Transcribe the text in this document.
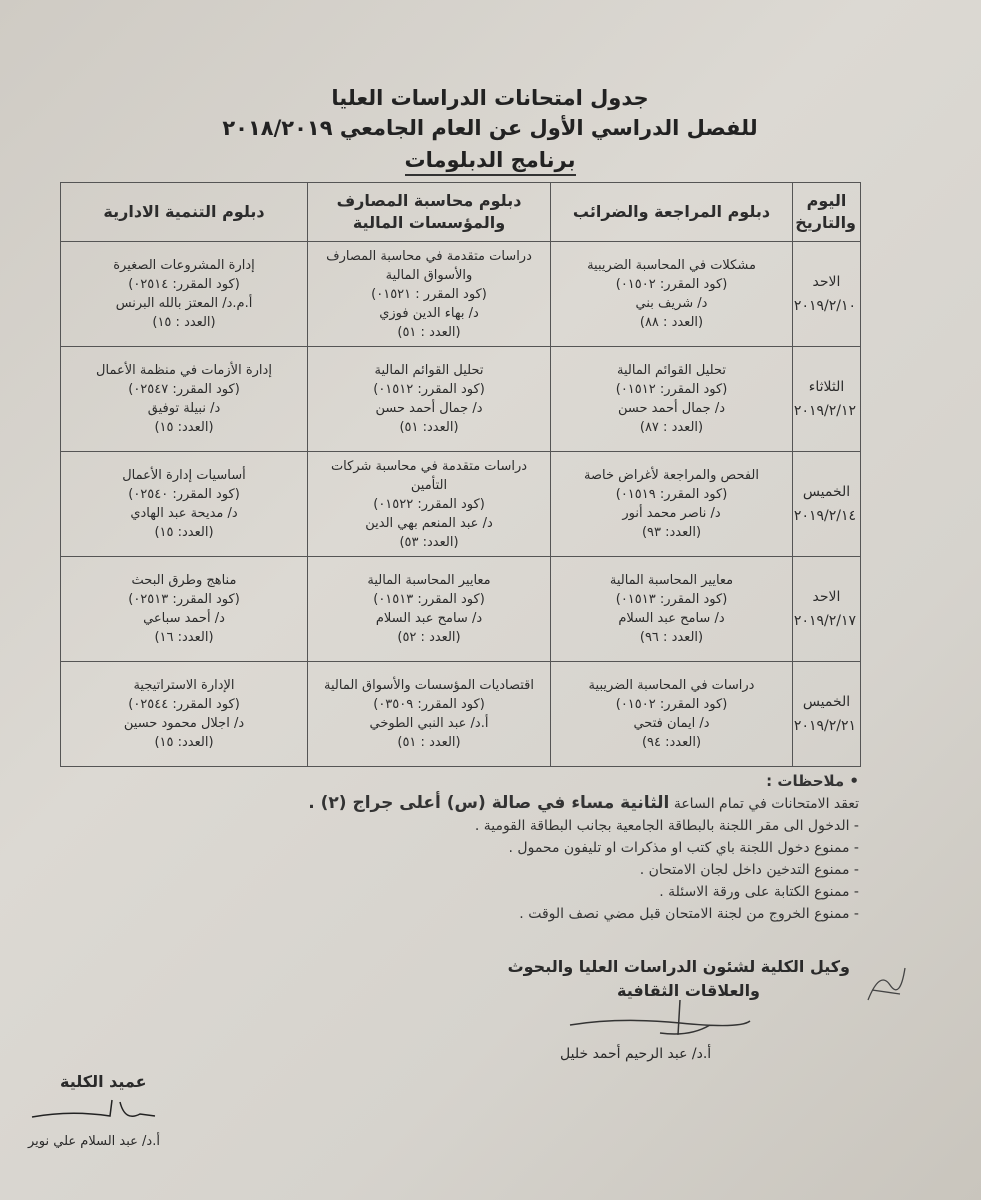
جدول امتحانات الدراسات العليا
للفصل الدراسي الأول عن العام الجامعي ٢٠١٨/٢٠١٩
برنامج الدبلومات
اليوم والتاريخ	دبلوم المراجعة والضرائب	دبلوم محاسبة المصارف والمؤسسات المالية	دبلوم التنمية الادارية

الاحد
٢٠١٩/٢/١٠	مشكلات في المحاسبة الضريبية
(كود المقرر: ٠١٥٠٢)
د/ شريف بني
(العدد : ٨٨)	دراسات متقدمة في محاسبة المصارف والأسواق المالية
(كود المقرر : ٠١٥٢١)
د/ بهاء الدين فوزي
(العدد : ٥١)	إدارة المشروعات الصغيرة
(كود المقرر: ٠٢٥١٤)
أ.م.د/ المعتز بالله البرنس
(العدد : ١٥)

الثلاثاء
٢٠١٩/٢/١٢	تحليل القوائم المالية
(كود المقرر: ٠١٥١٢)
د/ جمال أحمد حسن
(العدد : ٨٧)	تحليل القوائم المالية
(كود المقرر: ٠١٥١٢)
د/ جمال أحمد حسن
(العدد: ٥١)	إدارة الأزمات في منظمة الأعمال
(كود المقرر: ٠٢٥٤٧)
د/ نبيلة توفيق
(العدد: ١٥)

الخميس
٢٠١٩/٢/١٤	الفحص والمراجعة لأغراض خاصة
(كود المقرر: ٠١٥١٩)
د/ ناصر محمد أنور
(العدد: ٩٣)	دراسات متقدمة في محاسبة شركات التأمين
(كود المقرر: ٠١٥٢٢)
د/ عبد المنعم بهي الدين
(العدد: ٥٣)	أساسيات إدارة الأعمال
(كود المقرر: ٠٢٥٤٠)
د/ مديحة عبد الهادي
(العدد: ١٥)

الاحد
٢٠١٩/٢/١٧	معايير المحاسبة المالية
(كود المقرر: ٠١٥١٣)
د/ سامح عبد السلام
(العدد : ٩٦)	معايير المحاسبة المالية
(كود المقرر: ٠١٥١٣)
د/ سامح عبد السلام
(العدد : ٥٢)	مناهج وطرق البحث
(كود المقرر: ٠٢٥١٣)
د/ أحمد سباعي
(العدد: ١٦)

الخميس
٢٠١٩/٢/٢١	دراسات في المحاسبة الضريبية
(كود المقرر: ٠١٥٠٢)
د/ ايمان فتحي
(العدد: ٩٤)	اقتصاديات المؤسسات والأسواق المالية
(كود المقرر: ٠٣٥٠٩)
أ.د/ عبد النبي الطوخي
(العدد : ٥١)	الإدارة الاستراتيجية
(كود المقرر: ٠٢٥٤٤)
د/ اجلال محمود حسين
(العدد: ١٥)
• ملاحظات :
تعقد الامتحانات في تمام الساعة الثانية مساء في صالة (س) أعلى جراج (٢) .
- الدخول الى مقر اللجنة بالبطاقة الجامعية بجانب البطاقة القومية .
- ممنوع دخول اللجنة باي كتب او مذكرات او تليفون محمول .
- ممنوع التدخين داخل لجان الامتحان .
- ممنوع الكتابة على ورقة الاسئلة .
- ممنوع الخروج من لجنة الامتحان قبل مضي نصف الوقت .
وكيل الكلية لشئون الدراسات العليا والبحوث
والعلاقات الثقافية
أ.د/ عبد الرحيم أحمد خليل
عميد الكلية
أ.د/ عبد السلام علي نوير
